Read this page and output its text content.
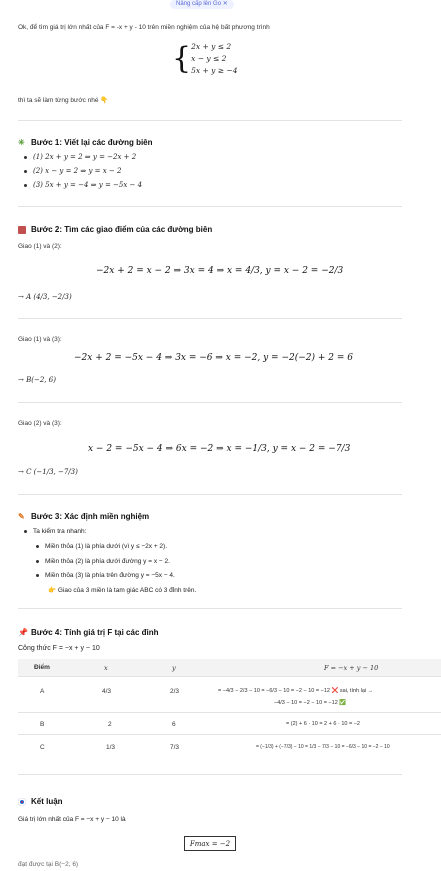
Nâng cấp lên Go ✕
Ok, để tìm giá trị lớn nhất của F = -x + y - 10 trên miền nghiệm của hệ bất phương trình
{ 2x + y ≤ 2
x − y ≤ 2
5x + y ≥ −4
thì ta sẽ làm từng bước nhé 👇
✳ Bước 1: Viết lại các đường biên
(1) 2x + y = 2 ⇒ y = −2x + 2
(2) x − y = 2 ⇒ y = x − 2
(3) 5x + y = −4 ⇒ y = −5x − 4
Bước 2: Tìm các giao điểm của các đường biên
Giao (1) và (2):
−2x + 2 = x − 2 ⇒ 3x = 4 ⇒ x = 4/3, y = x − 2 = −2/3
→ A (4/3, −2/3)
Giao (1) và (3):
−2x + 2 = −5x − 4 ⇒ 3x = −6 ⇒ x = −2, y = −2(−2) + 2 = 6
→ B(−2, 6)
Giao (2) và (3):
x − 2 = −5x − 4 ⇒ 6x = −2 ⇒ x = −1/3, y = x − 2 = −7/3
→ C (−1/3, −7/3)
✎ Bước 3: Xác định miền nghiệm
Ta kiểm tra nhanh:
Miền thỏa (1) là phía dưới (vì y ≤ −2x + 2).
Miền thỏa (2) là phía dưới đường y = x − 2.
Miền thỏa (3) là phía trên đường y = −5x − 4.
👉 Giao của 3 miền là tam giác ABC có 3 đỉnh trên.
📌 Bước 4: Tính giá trị F tại các đỉnh
Công thức F = −x + y − 10
Điểm	x	y	F = −x + y − 10
A	4/3	2/3	= −4/3 − 2/3 − 10 = −6/3 − 10 = −2 − 10 = −12 ❌ sai, tính lại →
−4/3 − 10 = −2 − 10 = −12 ✅
B	2	6	= (2) + 6 · 10 = 2 + 6 · 10 = −2
C	1/3	7/3	= (−1/3) + (−7/3) − 10 = 1/3 − 7/3 − 10 = −6/3 − 10 = −2 − 10
Kết luận
Giá trị lớn nhất của F = −x + y − 10 là
Fmax = −2
đạt được tại B(−2, 6)
